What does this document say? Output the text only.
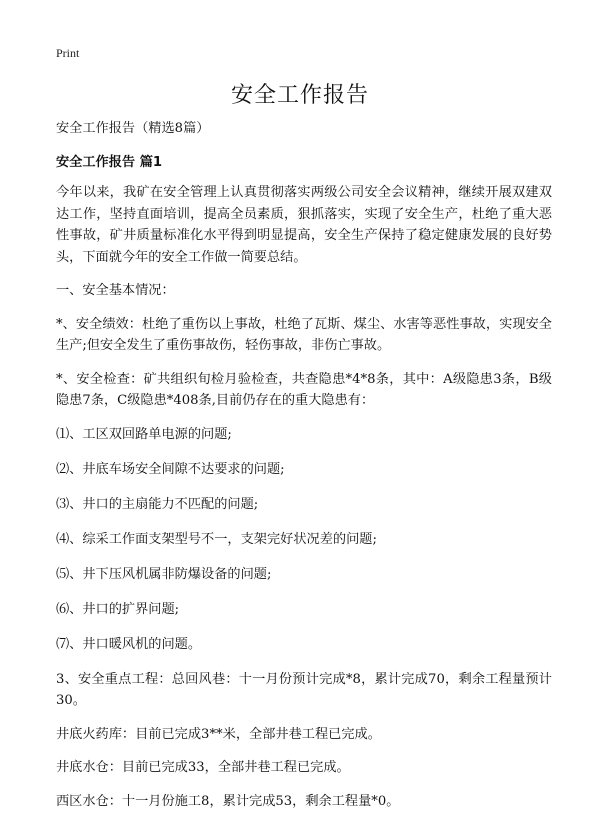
Print
安全工作报告

安全工作报告（精选8篇）

安全工作报告 篇1

今年以来，我矿在安全管理上认真贯彻落实两级公司安全会议精神，继续开展双建双达工作，坚持直面培训，提高全员素质，狠抓落实，实现了安全生产，杜绝了重大恶性事故，矿井质量标准化水平得到明显提高，安全生产保持了稳定健康发展的良好势头，下面就今年的安全工作做一简要总结。

一、安全基本情况：

*、安全绩效：杜绝了重伤以上事故，杜绝了瓦斯、煤尘、水害等恶性事故，实现安全生产;但安全发生了重伤事故伤，轻伤事故，非伤亡事故。

*、安全检查：矿共组织旬检月验检查，共查隐患*4*8条，其中：A级隐患3条，B级隐患7条，C级隐患*408条,目前仍存在的重大隐患有：

⑴、工区双回路单电源的问题;

⑵、井底车场安全间隙不达要求的问题;

⑶、井口的主扇能力不匹配的问题;

⑷、综采工作面支架型号不一，支架完好状况差的问题;

⑸、井下压风机属非防爆设备的问题;

⑹、井口的扩界问题;

⑺、井口暖风机的问题。

3、安全重点工程：总回风巷：十一月份预计完成*8，累计完成70，剩余工程量预计30。

井底火药库：目前已完成3**米，全部井巷工程已完成。

井底水仓：目前已完成33，全部井巷工程已完成。

西区水仓：十一月份施工8，累计完成53，剩余工程量*0。
